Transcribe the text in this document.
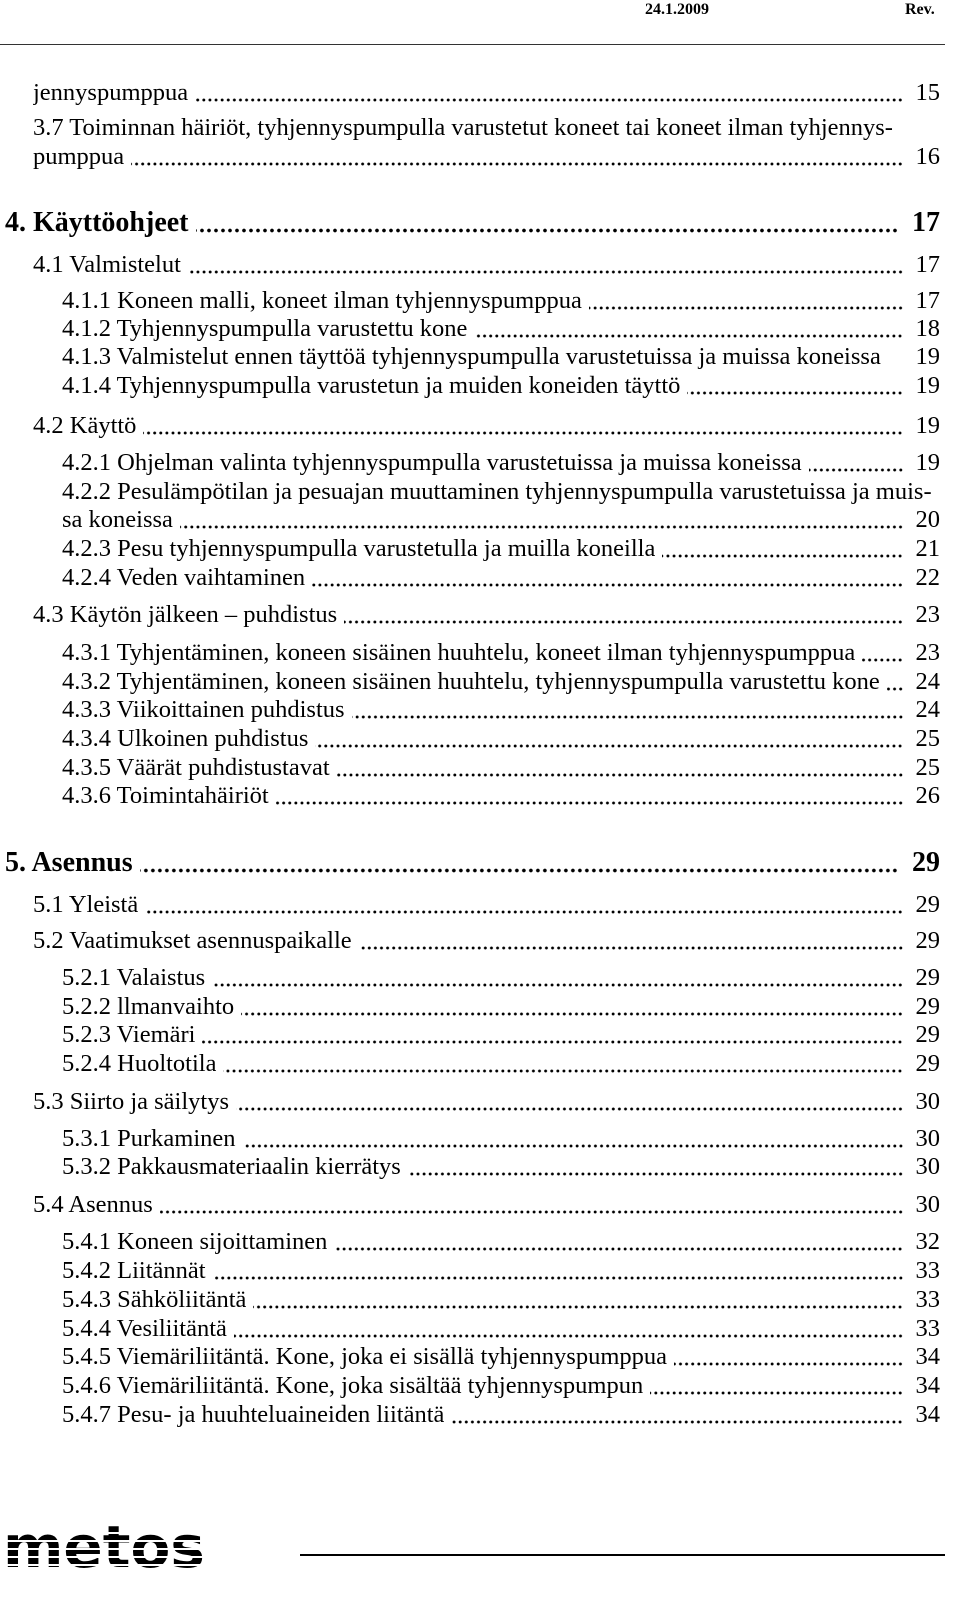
24.1.2009	Rev.
jennyspumppua	15
3.7 Toiminnan häiriöt, tyhjennyspumpulla varustetut koneet tai koneet ilman tyhjennys-
pumppua	16
4. Käyttöohjeet	17
4.1 Valmistelut	17
4.1.1 Koneen malli, koneet ilman tyhjennyspumppua	17
4.1.2 Tyhjennyspumpulla varustettu kone	18
4.1.3 Valmistelut ennen täyttöä tyhjennyspumpulla varustetuissa ja muissa koneissa 19
4.1.4 Tyhjennyspumpulla varustetun ja muiden koneiden täyttö	19
4.2 Käyttö	19
4.2.1 Ohjelman valinta tyhjennyspumpulla varustetuissa ja muissa koneissa	19
4.2.2 Pesulämpötilan ja pesuajan muuttaminen tyhjennyspumpulla varustetuissa ja muis-
sa koneissa	20
4.2.3 Pesu tyhjennyspumpulla varustetulla ja muilla koneilla	21
4.2.4 Veden vaihtaminen	22
4.3 Käytön jälkeen – puhdistus	23
4.3.1 Tyhjentäminen, koneen sisäinen huuhtelu, koneet ilman tyhjennyspumppua 23
4.3.2 Tyhjentäminen, koneen sisäinen huuhtelu, tyhjennyspumpulla varustettu kone 24
4.3.3 Viikoittainen puhdistus	24
4.3.4 Ulkoinen puhdistus	25
4.3.5 Väärät puhdistustavat	25
4.3.6 Toimintahäiriöt	26
5. Asennus	29
5.1 Yleistä	29
5.2 Vaatimukset asennuspaikalle	29
5.2.1 Valaistus	29
5.2.2 llmanvaihto	29
5.2.3 Viemäri	29
5.2.4 Huoltotila	29
5.3 Siirto ja säilytys	30
5.3.1 Purkaminen	30
5.3.2 Pakkausmateriaalin kierrätys	30
5.4 Asennus	30
5.4.1 Koneen sijoittaminen	32
5.4.2 Liitännät	33
5.4.3 Sähköliitäntä	33
5.4.4 Vesiliitäntä	33
5.4.5 Viemäriliitäntä. Kone, joka ei sisällä tyhjennyspumppua	34
5.4.6 Viemäriliitäntä. Kone, joka sisältää tyhjennyspumpun	34
5.4.7 Pesu- ja huuhteluaineiden liitäntä	34
metos
